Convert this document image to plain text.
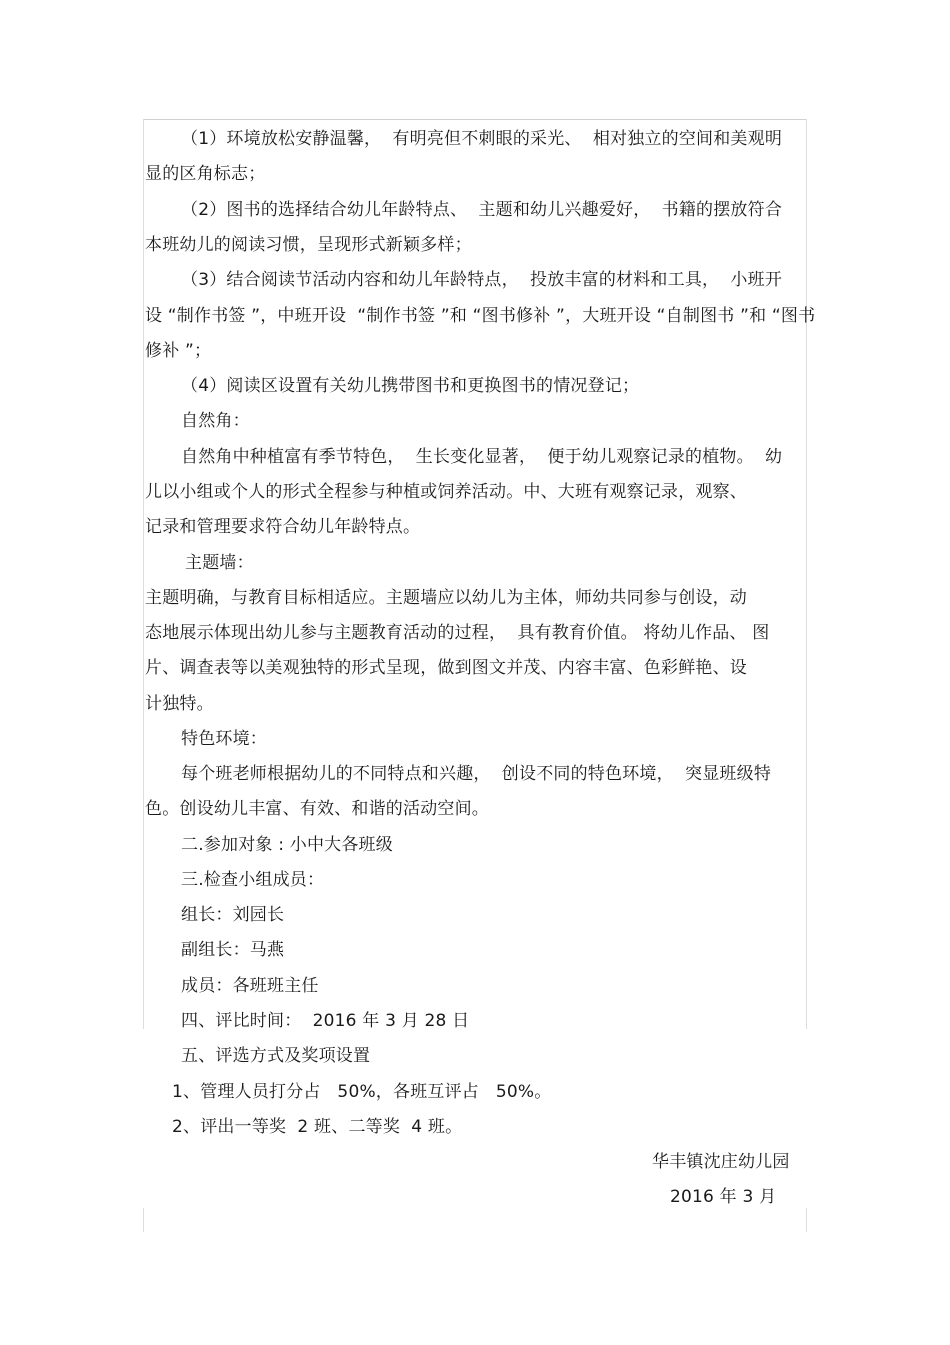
（1）环境放松安静温馨，  有明亮但不刺眼的采光、  相对独立的空间和美观明
显的区角标志；
（2）图书的选择结合幼儿年龄特点、  主题和幼儿兴趣爱好，  书籍的摆放符合
本班幼儿的阅读习惯，呈现形式新颖多样；
（3）结合阅读节活动内容和幼儿年龄特点，  投放丰富的材料和工具，  小班开
设 “制作书签 ”，中班开设  “制作书签 ”和 “图书修补 ”，大班开设 “自制图书 ”和 “图书
修补 ”；
（4）阅读区设置有关幼儿携带图书和更换图书的情况登记；
自然角：
自然角中种植富有季节特色，  生长变化显著，  便于幼儿观察记录的植物。  幼
儿以小组或个人的形式全程参与种植或饲养活动。中、大班有观察记录，观察、
记录和管理要求符合幼儿年龄特点。
主题墙：
主题明确，与教育目标相适应。主题墙应以幼儿为主体，师幼共同参与创设，动
态地展示体现出幼儿参与主题教育活动的过程，  具有教育价值。 将幼儿作品、 图
片、调查表等以美观独特的形式呈现，做到图文并茂、内容丰富、色彩鲜艳、设
计独特。
特色环境：
每个班老师根据幼儿的不同特点和兴趣，  创设不同的特色环境，  突显班级特
色。创设幼儿丰富、有效、和谐的活动空间。
二.参加对象 : 小中大各班级
三.检查小组成员：
组长：刘园长
副组长：马燕
成员：各班班主任
四、评比时间：  2016 年 3 月 28 日
五、评选方式及奖项设置
1、管理人员打分占   50%，各班互评占   50%。
2、评出一等奖  2 班、二等奖  4 班。
华丰镇沈庄幼儿园
2016 年 3 月
